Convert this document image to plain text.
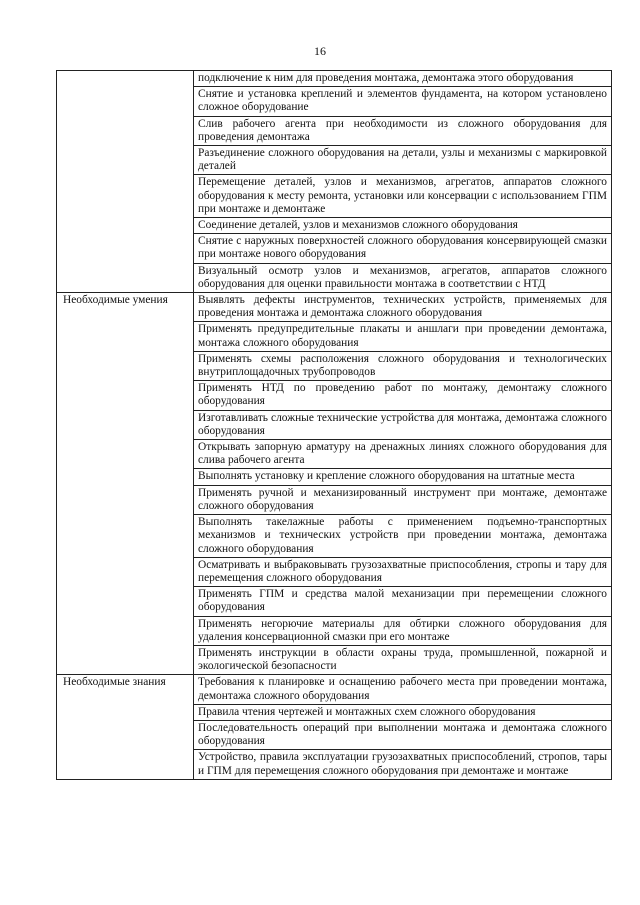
16
	подключение к ним для проведения монтажа, демонтажа этого оборудования
	Снятие и установка креплений и элементов фундамента, на котором установлено сложное оборудование
	Слив рабочего агента при необходимости из сложного оборудования для проведения демонтажа
	Разъединение сложного оборудования на детали, узлы и механизмы с маркировкой деталей
	Перемещение деталей, узлов и механизмов, агрегатов, аппаратов сложного оборудования к месту ремонта, установки или консервации с использованием ГПМ при монтаже и демонтаже
	Соединение деталей, узлов и механизмов сложного оборудования
	Снятие с наружных поверхностей сложного оборудования консервирующей смазки при монтаже нового оборудования
	Визуальный осмотр узлов и механизмов, агрегатов, аппаратов сложного оборудования для оценки правильности монтажа в соответствии с НТД
Необходимые умения	Выявлять дефекты инструментов, технических устройств, применяемых для проведения монтажа и демонтажа сложного оборудования
	Применять предупредительные плакаты и аншлаги при проведении демонтажа, монтажа сложного оборудования
	Применять схемы расположения сложного оборудования и технологических внутриплощадочных трубопроводов
	Применять НТД по проведению работ по монтажу, демонтажу сложного оборудования
	Изготавливать сложные технические устройства для монтажа, демонтажа сложного оборудования
	Открывать запорную арматуру на дренажных линиях сложного оборудования для слива рабочего агента
	Выполнять установку и крепление сложного оборудования на штатные места
	Применять ручной и механизированный инструмент при монтаже, демонтаже сложного оборудования
	Выполнять такелажные работы с применением подъемно-транспортных механизмов и технических устройств при проведении монтажа, демонтажа сложного оборудования
	Осматривать и выбраковывать грузозахватные приспособления, стропы и тару для перемещения сложного оборудования
	Применять ГПМ и средства малой механизации при перемещении сложного оборудования
	Применять негорючие материалы для обтирки сложного оборудования для удаления консервационной смазки при его монтаже
	Применять инструкции в области охраны труда, промышленной, пожарной и экологической безопасности
Необходимые знания	Требования к планировке и оснащению рабочего места при проведении монтажа, демонтажа сложного оборудования
	Правила чтения чертежей и монтажных схем сложного оборудования
	Последовательность операций при выполнении монтажа и демонтажа сложного оборудования
	Устройство, правила эксплуатации грузозахватных приспособлений, стропов, тары и ГПМ для перемещения сложного оборудования при демонтаже и монтаже
